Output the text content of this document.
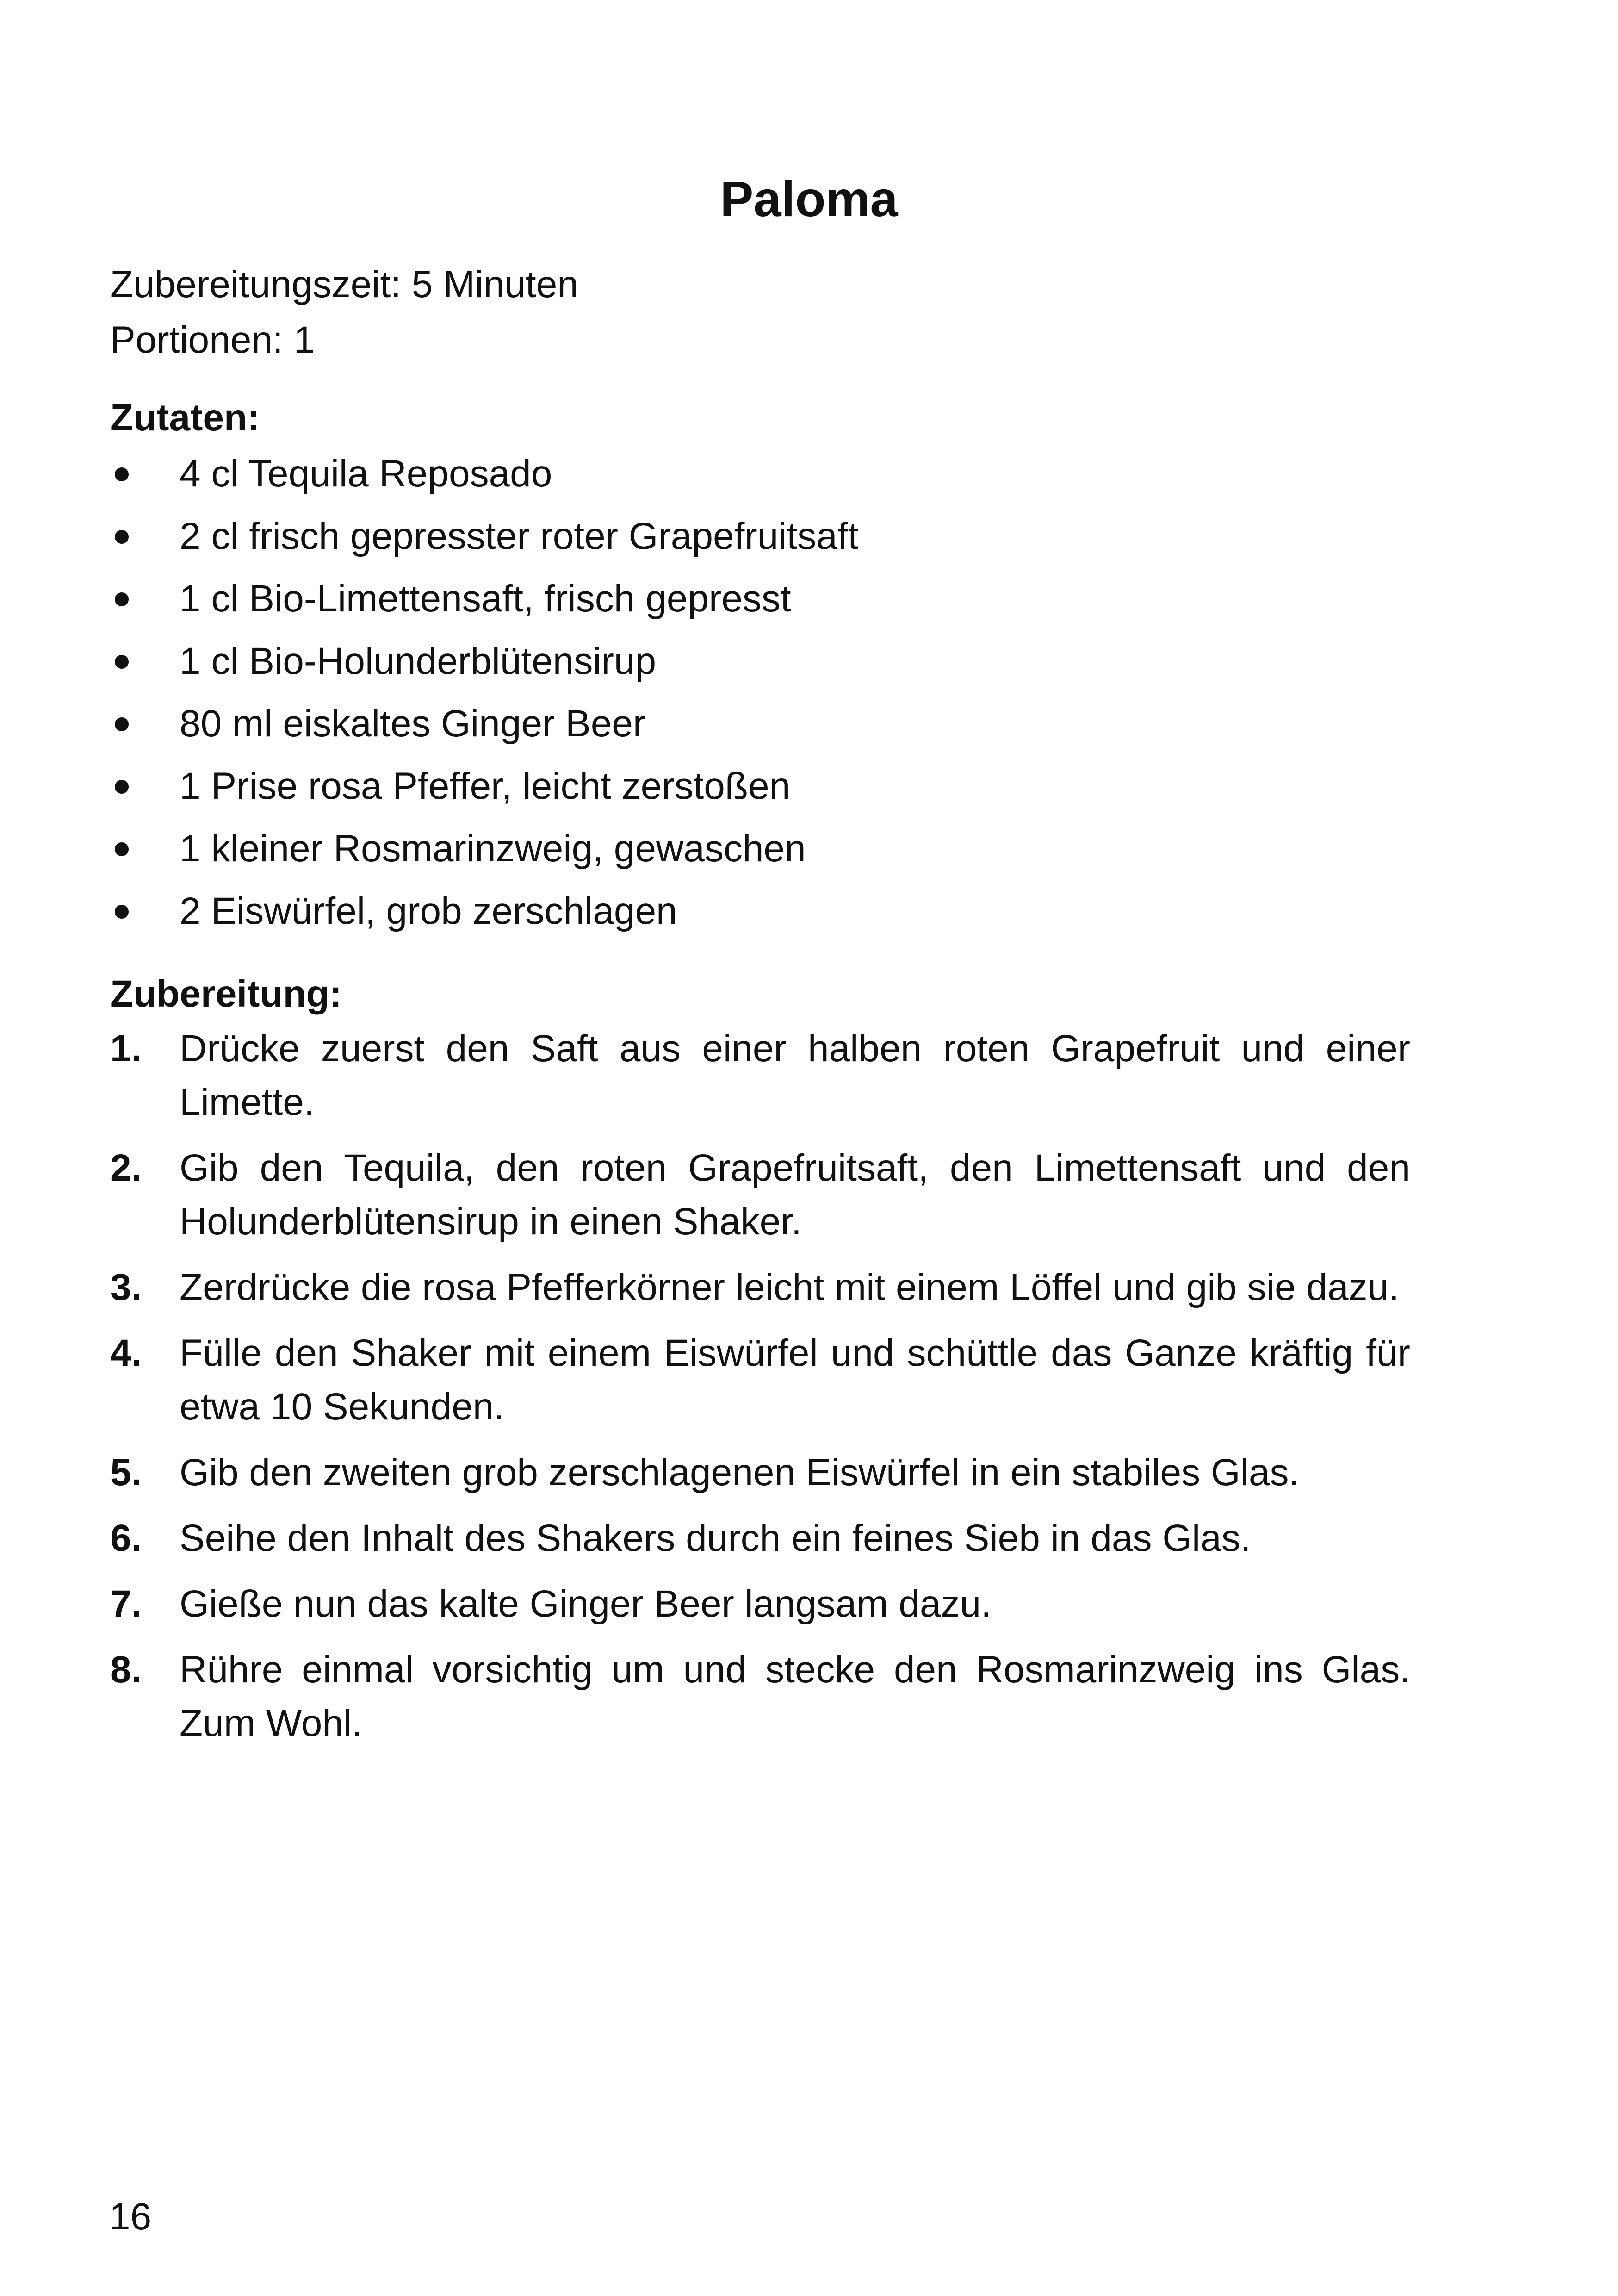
Paloma

Zubereitungszeit: 5 Minuten

Portionen: 1

Zutaten:

4 cl Tequila Reposado
2 cl frisch gepresster roter Grapefruitsaft
1 cl Bio-Limettensaft, frisch gepresst
1 cl Bio-Holunderblütensirup
80 ml eiskaltes Ginger Beer
1 Prise rosa Pfeffer, leicht zerstoßen
1 kleiner Rosmarinzweig, gewaschen
2 Eiswürfel, grob zerschlagen

Zubereitung:

1. Drücke zuerst den Saft aus einer halben roten Grapefruit und einer Limette.
2. Gib den Tequila, den roten Grapefruitsaft, den Limettensaft und den Holunderblütensirup in einen Shaker.
3. Zerdrücke die rosa Pfefferkörner leicht mit einem Löffel und gib sie dazu.
4. Fülle den Shaker mit einem Eiswürfel und schüttle das Ganze kräftig für etwa 10 Sekunden.
5. Gib den zweiten grob zerschlagenen Eiswürfel in ein stabiles Glas.
6. Seihe den Inhalt des Shakers durch ein feines Sieb in das Glas.
7. Gieße nun das kalte Ginger Beer langsam dazu.
8. Rühre einmal vorsichtig um und stecke den Rosmarinzweig ins Glas. Zum Wohl.
16
